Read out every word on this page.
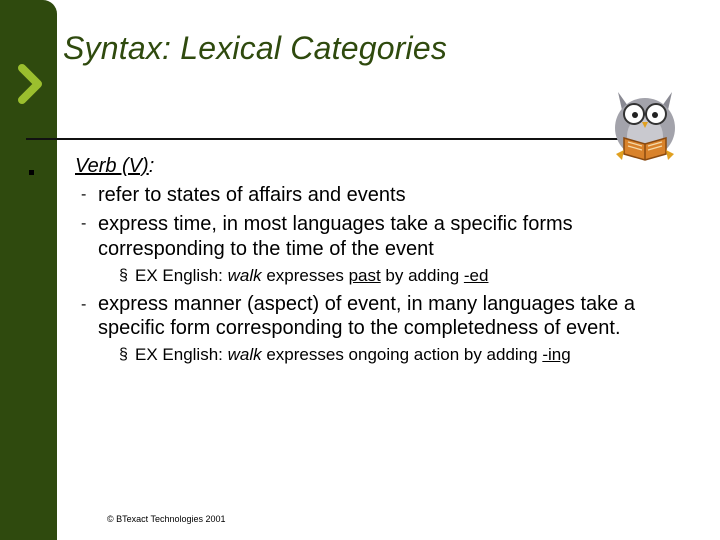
Syntax: Lexical Categories
Verb (V):
- refer to states of affairs and events
- express time, in most languages take a specific forms
corresponding to the time of the event
§ EX English: walk expresses past by adding -ed
- express manner (aspect) of event, in many languages take a
specific form corresponding to the completedness of event.
§ EX English: walk expresses ongoing action by adding -ing
© BTexact Technologies 2001
